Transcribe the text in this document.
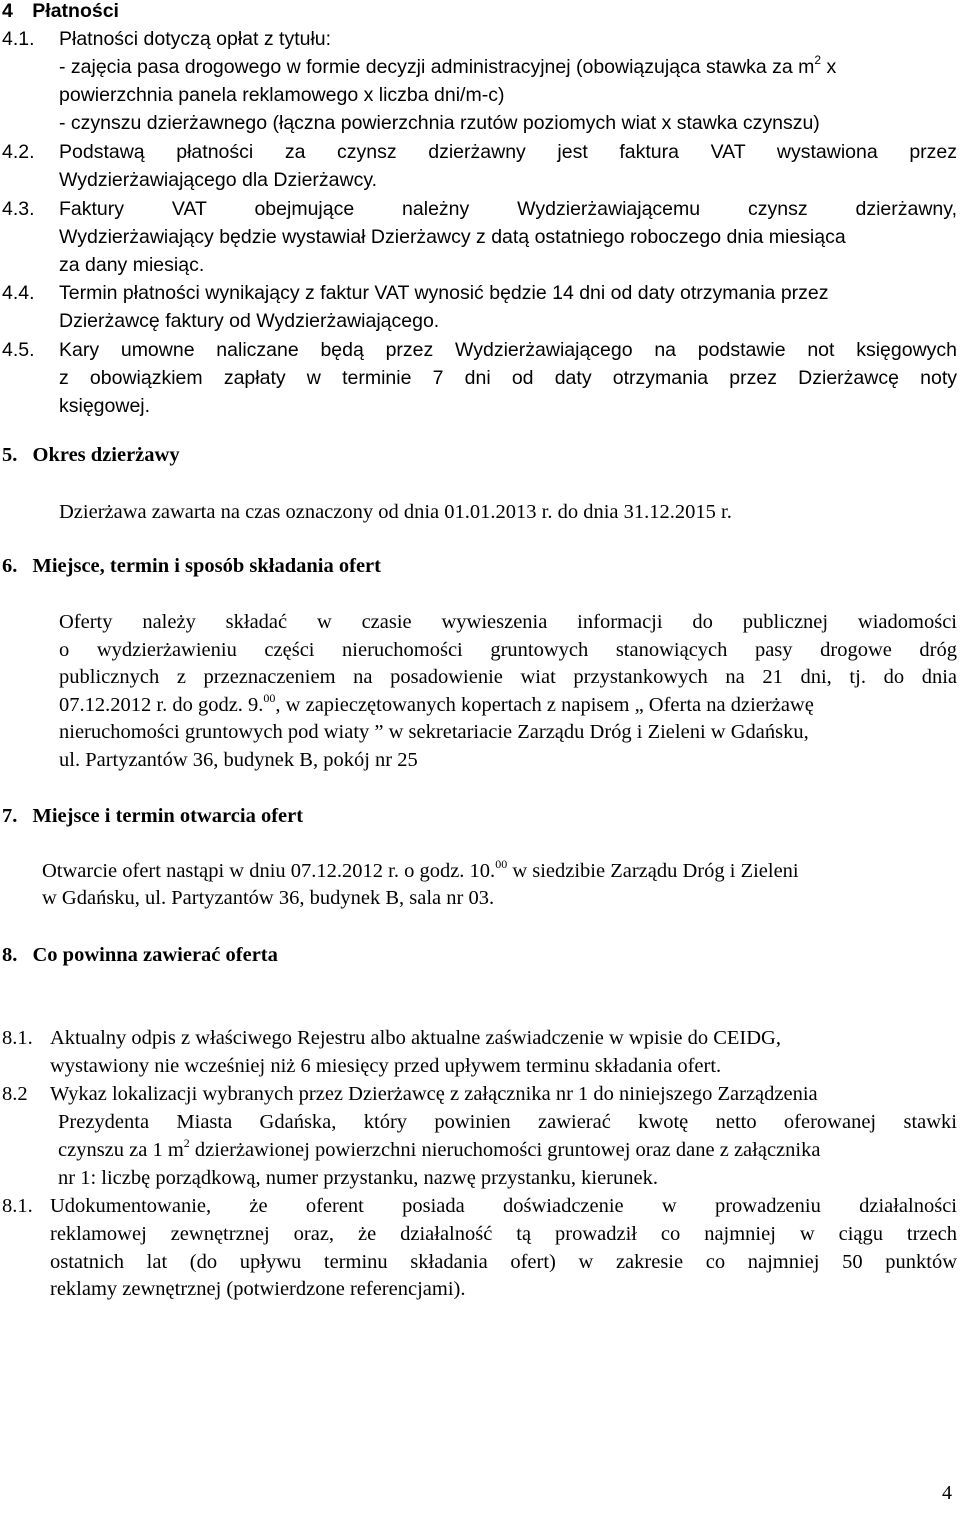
4 Płatności
4.1. Płatności dotyczą opłat z tytułu:
- zajęcia pasa drogowego w formie decyzji administracyjnej (obowiązująca stawka za $m^2$ x
powierzchnia panela reklamowego x liczba dni/m-c)
- czynszu dzierżawnego (łączna powierzchnia rzutów poziomych wiat x stawka czynszu)
4.2. Podstawą płatności za czynsz dzierżawny jest faktura VAT wystawiona przez
Wydzierżawiającego dla Dzierżawcy.
4.3. Faktury VAT obejmujące należny Wydzierżawiającemu czynsz dzierżawny,
Wydzierżawiający będzie wystawiał Dzierżawcy z datą ostatniego roboczego dnia miesiąca
za dany miesiąc.
4.4. Termin płatności wynikający z faktur VAT wynosić będzie 14 dni od daty otrzymania przez
Dzierżawcę faktury od Wydzierżawiającego.
4.5. Kary umowne naliczane będą przez Wydzierżawiającego na podstawie not księgowych
z obowiązkiem zapłaty w terminie 7 dni od daty otrzymania przez Dzierżawcę noty
księgowej.
5. Okres dzierżawy
Dzierżawa zawarta na czas oznaczony od dnia 01.01.2013 r. do dnia 31.12.2015 r.
6. Miejsce, termin i sposób składania ofert
Oferty należy składać w czasie wywieszenia informacji do publicznej wiadomości
o wydzierżawieniu części nieruchomości gruntowych stanowiących pasy drogowe dróg
publicznych z przeznaczeniem na posadowienie wiat przystankowych na 21 dni, tj. do dnia
07.12.2012 r. do godz. 9.00, w zapieczętowanych kopertach z napisem „ Oferta na dzierżawę
nieruchomości gruntowych pod wiaty ” w sekretariacie Zarządu Dróg i Zieleni w Gdańsku,
ul. Partyzantów 36, budynek B, pokój nr 25
7. Miejsce i termin otwarcia ofert
Otwarcie ofert nastąpi w dniu 07.12.2012 r. o godz. 10.00 w siedzibie Zarządu Dróg i Zieleni
w Gdańsku, ul. Partyzantów 36, budynek B, sala nr 03.
8. Co powinna zawierać oferta
8.1. Aktualny odpis z właściwego Rejestru albo aktualne zaświadczenie w wpisie do CEIDG,
wystawiony nie wcześniej niż 6 miesięcy przed upływem terminu składania ofert.
8.2 Wykaz lokalizacji wybranych przez Dzierżawcę z załącznika nr 1 do niniejszego Zarządzenia
Prezydenta Miasta Gdańska, który powinien zawierać kwotę netto oferowanej stawki
czynszu za 1 $m^2$ dzierżawionej powierzchni nieruchomości gruntowej oraz dane z załącznika
nr 1: liczbę porządkową, numer przystanku, nazwę przystanku, kierunek.
8.1. Udokumentowanie, że oferent posiada doświadczenie w prowadzeniu działalności
reklamowej zewnętrznej oraz, że działalność tą prowadził co najmniej w ciągu trzech
ostatnich lat (do upływu terminu składania ofert) w zakresie co najmniej 50 punktów
reklamy zewnętrznej (potwierdzone referencjami).
4
